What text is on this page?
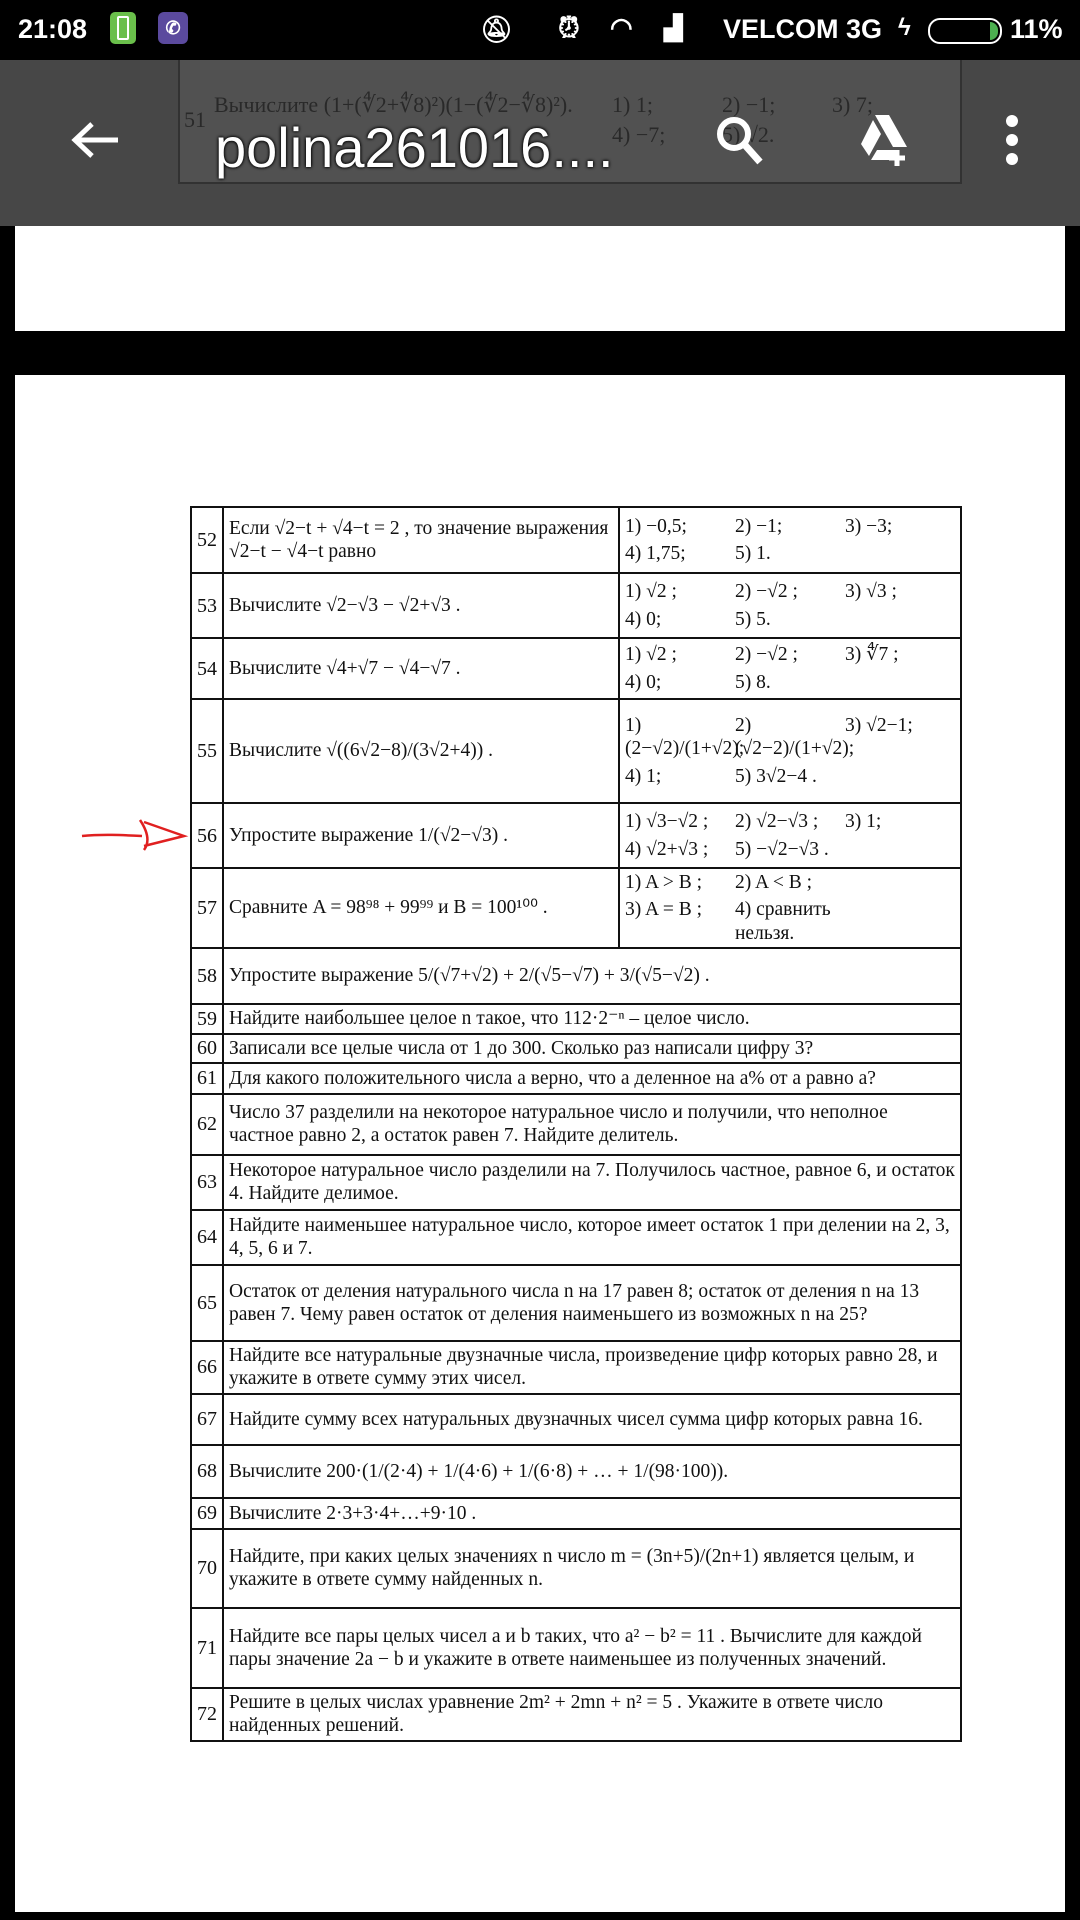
21:08	✆	🔕︎ ⏰︎ ◠ ▟ VELCOM 3G ϟ	11%
51
Вычислите (1+(∜2+∜8)²)(1−(∜2−∜8)²).	1) 1;	2) −1;	3) 7;
4) −7;	5) √2.
polina261016....
52	Если √2−t + √4−t = 2 , то значение выражения √2−t − √4−t равно	1) −0,5; 2) −1; 3) −3;
4) 1,75; 5) 1.

53	Вычислите √2−√3 − √2+√3 .	1) √2 ; 2) −√2 ; 3) √3 ;
4) 0; 5) 5.

54	Вычислите √4+√7 − √4−√7 .	1) √2 ; 2) −√2 ; 3) ∜7 ;
4) 0; 5) 8.

55	Вычислите √((6√2−8)/(3√2+4)) .	1) (2−√2)/(1+√2);
2) (√2−2)/(1+√2);
3) √2−1;
4) 1; 5) 3√2−4 .

56	Упростите выражение 1/(√2−√3) .	1) √3−√2 ; 2) √2−√3 ; 3) 1;
4) √2+√3 ; 5) −√2−√3 .

57	Сравните A = 98⁹⁸ + 99⁹⁹ и B = 100¹⁰⁰ .	1) A > B ; 2) A < B ;
3) A = B ; 4) сравнить нельзя.

58	Упростите выражение 5/(√7+√2) + 2/(√5−√7) + 3/(√5−√2) .	
59	Найдите наибольшее целое n такое, что 112·2⁻ⁿ – целое число.	
60	Записали все целые числа от 1 до 300. Сколько раз написали цифру 3?	
61	Для какого положительного числа a верно, что a деленное на a% от a равно a?	
62	Число 37 разделили на некоторое натуральное число и получили, что неполное частное равно 2, а остаток равен 7. Найдите делитель.	
63	Некоторое натуральное число разделили на 7. Получилось частное, равное 6, и остаток 4. Найдите делимое.	
64	Найдите наименьшее натуральное число, которое имеет остаток 1 при делении на 2, 3, 4, 5, 6 и 7.	
65	Остаток от деления натурального числа n на 17 равен 8; остаток от деления n на 13 равен 7. Чему равен остаток от деления наименьшего из возможных n на 25?	
66	Найдите все натуральные двузначные числа, произведение цифр которых равно 28, и укажите в ответе сумму этих чисел.	
67	Найдите сумму всех натуральных двузначных чисел сумма цифр которых равна 16.	
68	Вычислите 200·(1/(2·4) + 1/(4·6) + 1/(6·8) + … + 1/(98·100)).	
69	Вычислите 2·3+3·4+…+9·10 .	
70	Найдите, при каких целых значениях n число m = (3n+5)/(2n+1) является целым, и укажите в ответе сумму найденных n.	
71	Найдите все пары целых чисел a и b таких, что a² − b² = 11 . Вычислите для каждой пары значение 2a − b и укажите в ответе наименьшее из полученных значений.	
72	Решите в целых числах уравнение 2m² + 2mn + n² = 5 . Укажите в ответе число найденных решений.	
